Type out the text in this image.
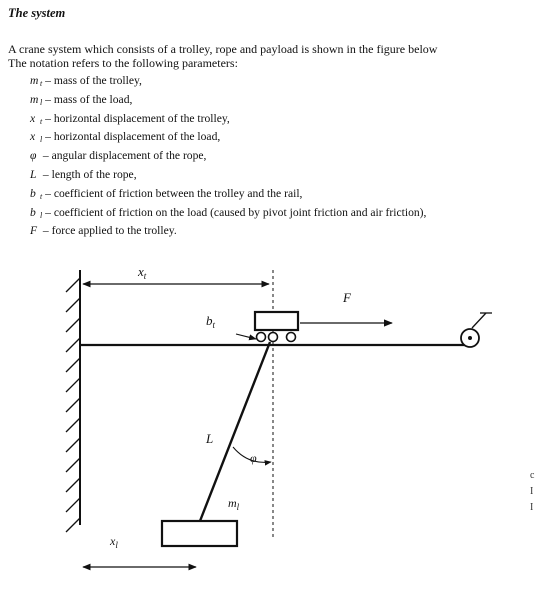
The system
A crane system which consists of a trolley, rope and payload is shown in the figure below
The notation refers to the following parameters:
m $_t$ – mass of the trolley,
m $_l$ – mass of the load,
x $_t$ – horizontal displacement of the trolley,
x $_l$ – horizontal displacement of the load,
φ – angular displacement of the rope,
L – length of the rope,
b $_t$ – coefficient of friction between the trolley and the rail,
b $_l$ – coefficient of friction on the load (caused by pivot joint friction and air friction),
F – force applied to the trolley.
$x_t$
F
$b_t$
L
φ
$m_l$
$x_l$
c
I
I
